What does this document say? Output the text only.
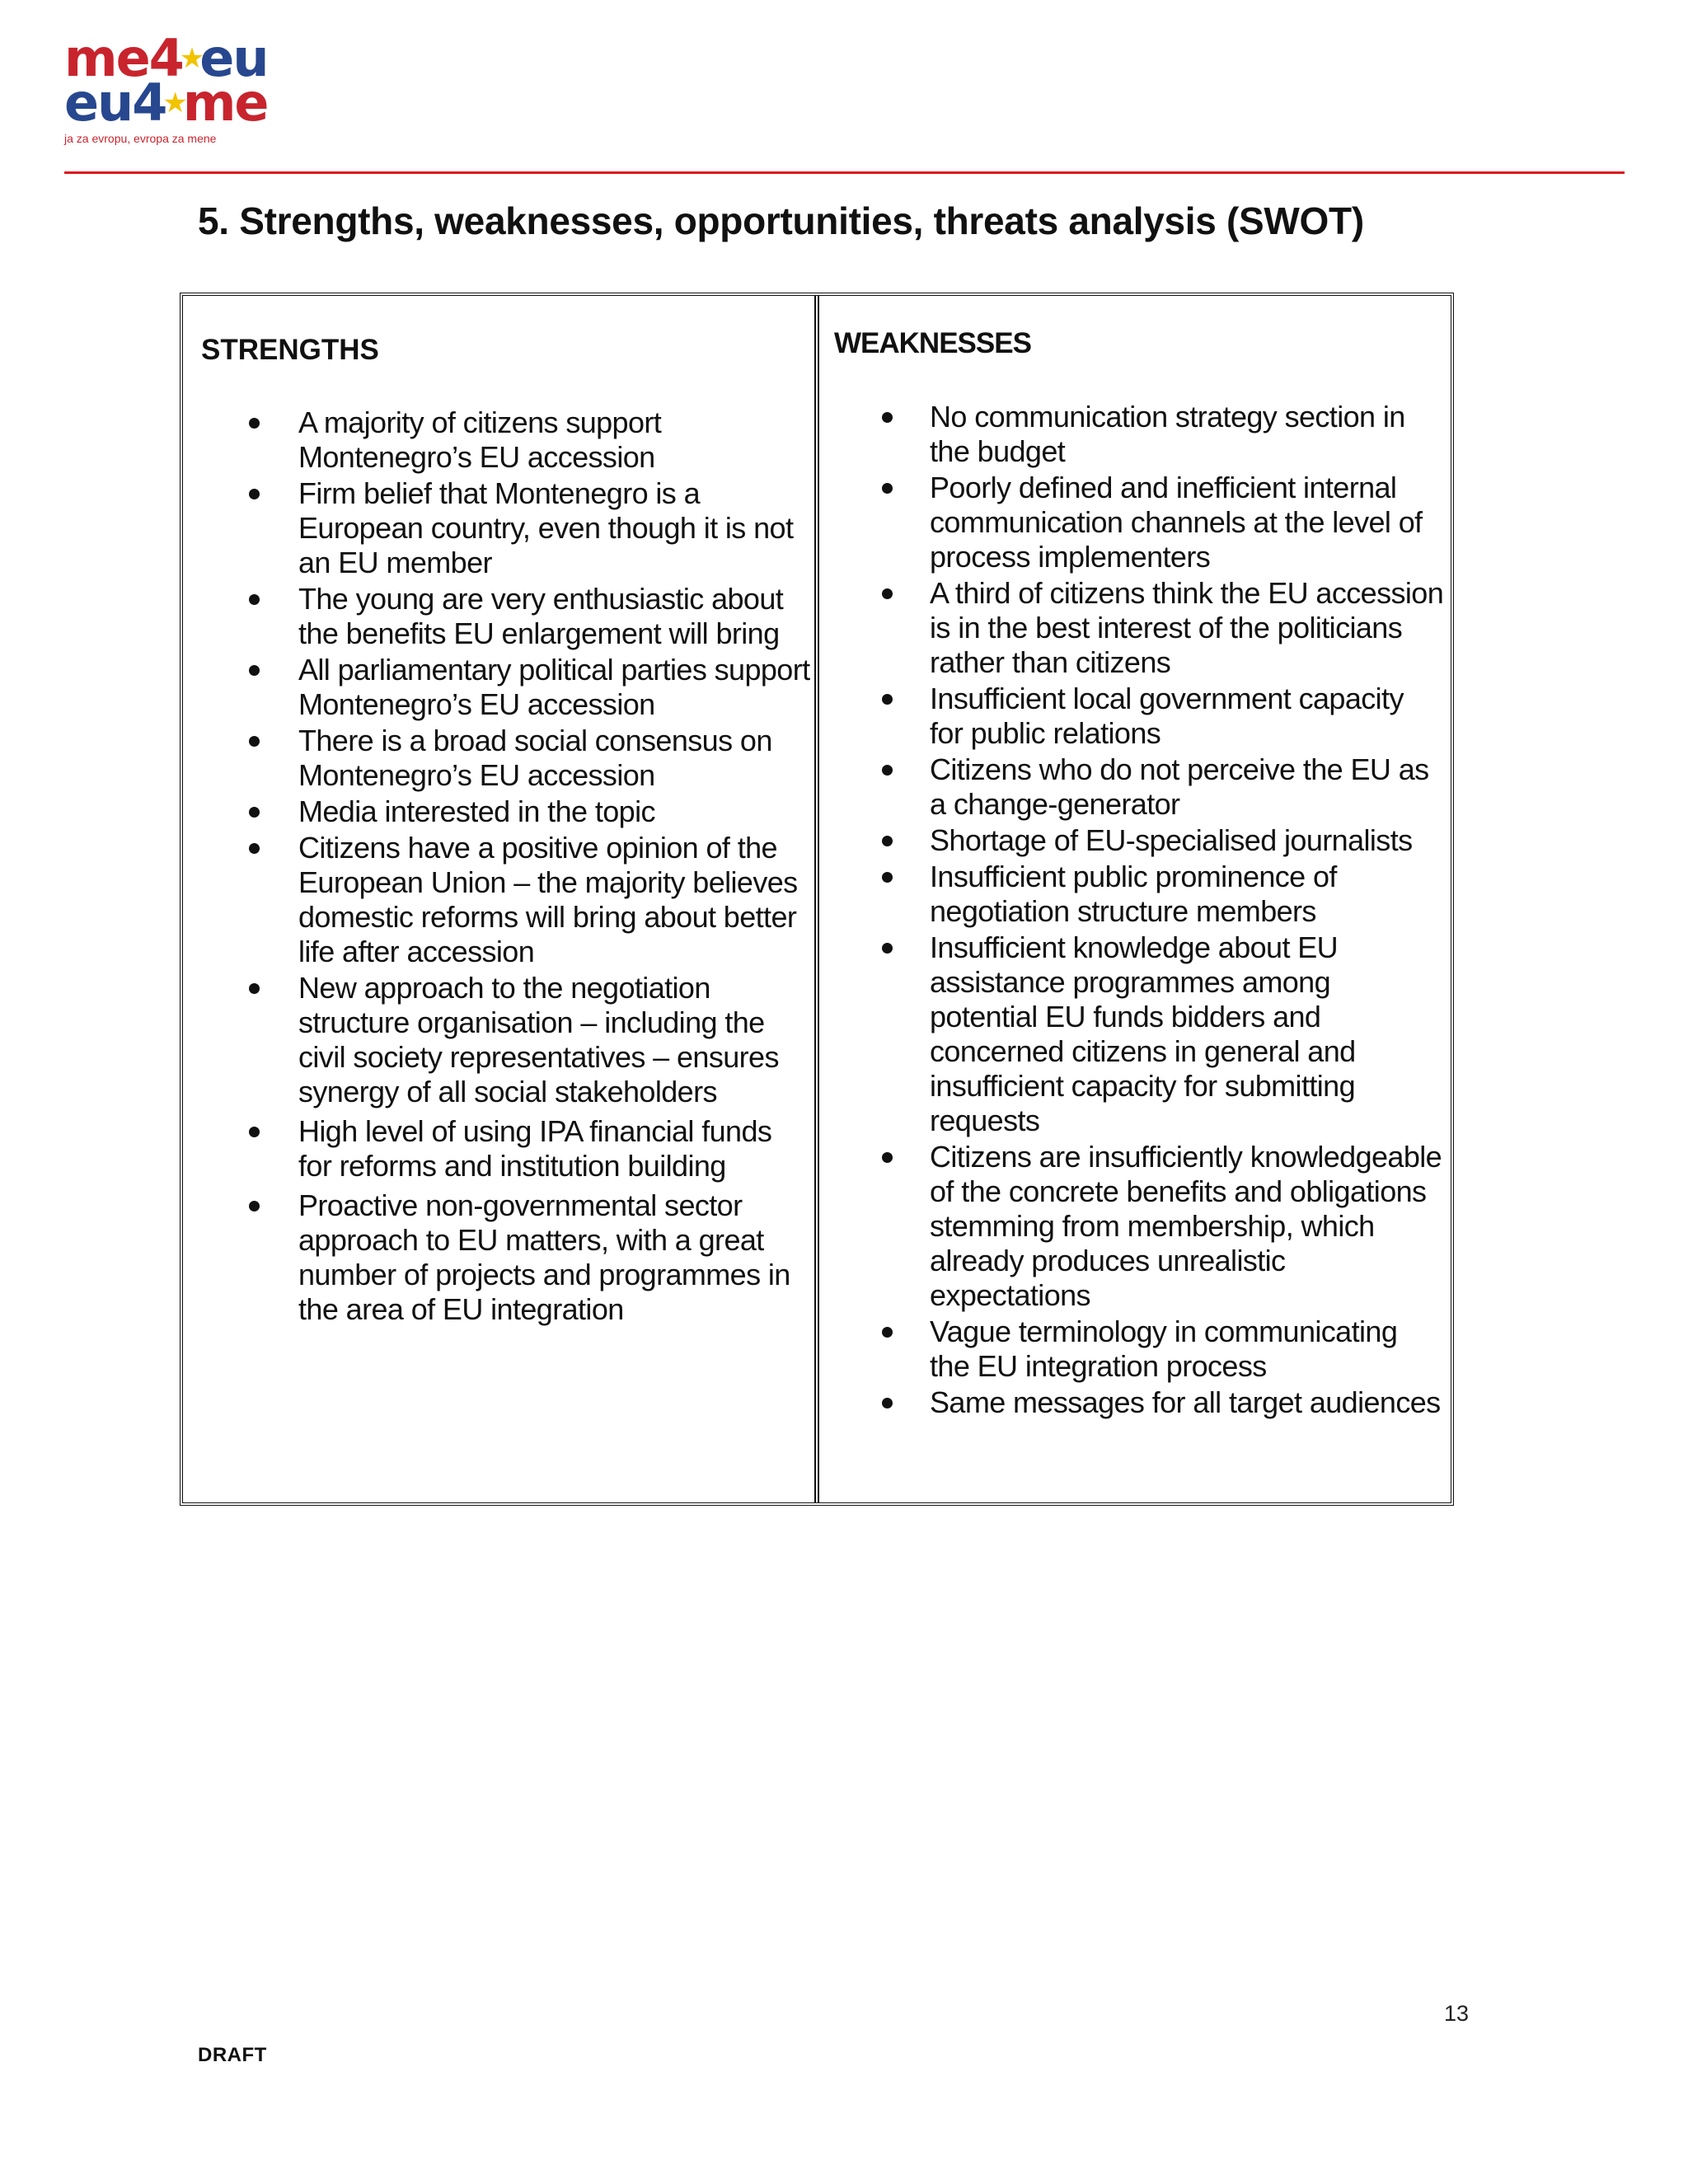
me4★eu
eu4★me
ja za evropu, evropa za mene
5. Strengths, weaknesses, opportunities, threats analysis (SWOT)
STRENGTHS
A majority of citizens support Montenegro’s EU accession
Firm belief that Montenegro is a European country, even though it is not an EU member
The young are very enthusiastic about the benefits EU enlargement will bring
All parliamentary political parties support Montenegro’s EU accession
There is a broad social consensus on Montenegro’s EU accession
Media interested in the topic
Citizens have a positive opinion of the European Union – the majority believes domestic reforms will bring about better life after accession
New approach to the negotiation structure organisation – including the civil society representatives – ensures synergy of all social stakeholders
High level of using IPA financial funds for reforms and institution building
Proactive non-governmental sector approach to EU matters, with a great number of projects and programmes in the area of EU integration
WEAKNESSES
No communication strategy section in the budget
Poorly defined and inefficient internal communication channels at the level of process implementers
A third of citizens think the EU accession is in the best interest of the politicians rather than citizens
Insufficient local government capacity for public relations
Citizens who do not perceive the EU as a change-generator
Shortage of EU-specialised journalists
Insufficient public prominence of negotiation structure members
Insufficient knowledge about EU assistance programmes among potential EU funds bidders and concerned citizens in general and insufficient capacity for submitting requests
Citizens are insufficiently knowledgeable of the concrete benefits and obligations stemming from membership, which already produces unrealistic expectations
Vague terminology in communicating the EU integration process
Same messages for all target audiences
13
DRAFT
